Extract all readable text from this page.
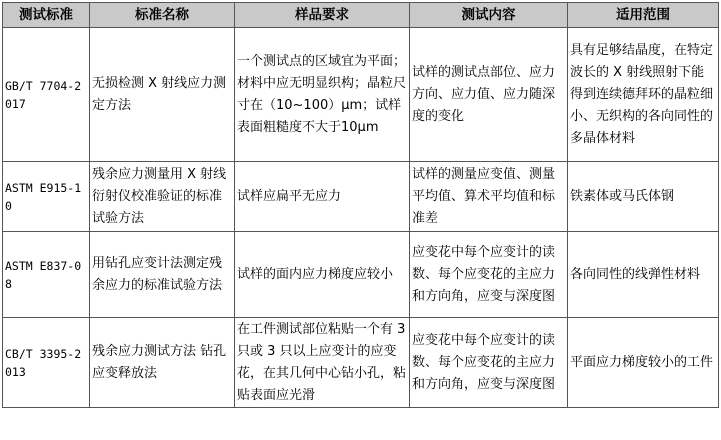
测试标准	标准名称	样品要求	测试内容	适用范围
GB/T 7704-2017	无损检测 X 射线应力测定方法	一个测试点的区域宜为平面；材料中应无明显织构；晶粒尺寸在（10~100）μm；试样表面粗糙度不大于10μm	试样的测试点部位、应力方向、应力值、应力随深度的变化	具有足够结晶度，在特定波长的 X 射线照射下能得到连续德拜环的晶粒细小、无织构的各向同性的多晶体材料
ASTM E915-10	残余应力测量用 X 射线衍射仪校准验证的标准试验方法	试样应扁平无应力	试样的测量应变值、测量平均值、算术平均值和标准差	铁素体或马氏体钢
ASTM E837-08	用钻孔应变计法测定残余应力的标准试验方法	试样的面内应力梯度应较小	应变花中每个应变计的读数、每个应变花的主应力和方向角，应变与深度图	各向同性的线弹性材料
CB/T 3395-2013	残余应力测试方法 钻孔应变释放法	在工件测试部位粘贴一个有 3 只或 3 只以上应变计的应变花，在其几何中心钻小孔，粘贴表面应光滑	应变花中每个应变计的读数、每个应变花的主应力和方向角，应变与深度图	平面应力梯度较小的工件
